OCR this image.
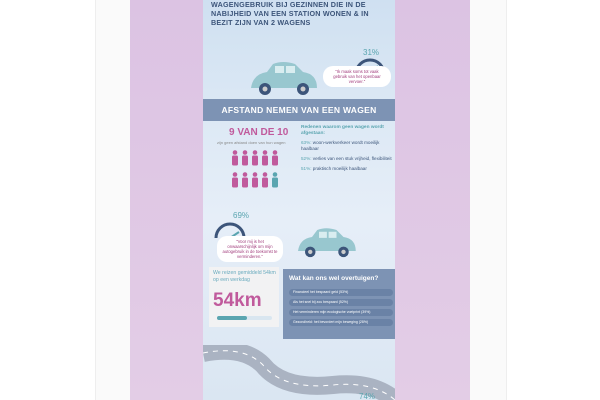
WAGENGEBRUIK BIJ GEZINNEN DIE IN DE NABIJHEID VAN EEN STATION WONEN & IN BEZIT ZIJN VAN 2 WAGENS
31%
"Ik maak soms tot vaak gebruik van het openbaar vervoer."
AFSTAND NEMEN VAN EEN WAGEN
9 VAN DE 10
zijn geen afstand doen van hun wagen
Redenen waarom geen wagen wordt afgestaan:
63%: woon-werkverkeer wordt moeilijk haalbaar
52%: verlies van een stuk vrijheid, flexibiliteit
51%: praktisch moeilijk haalbaar
69%
"Voor mij is het onwaarschijnlijk om mijn autogebruik in de toekomst te verminderen."
We reizen gemiddeld 54km op een werkdag
54km
Wat kan ons wel overtuigen?
Financieel het bespaard geld (53%)
Als het snel bij zou bespaard (52%)
Het verminderen mijn ecologische voetprint (39%)
Gezondheid: het bevordert mijn beweging (28%)
74%
